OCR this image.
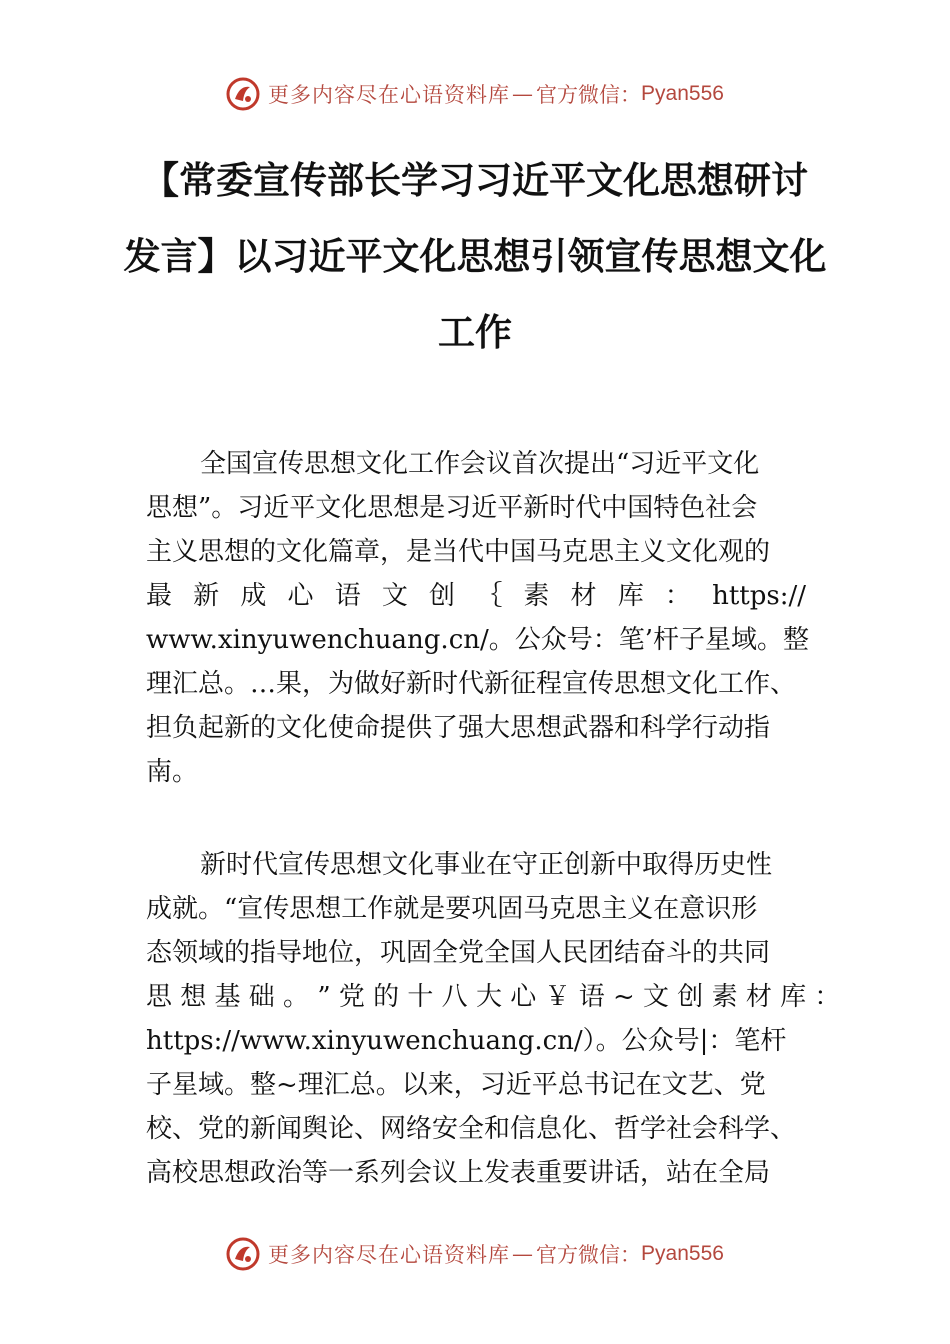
更多内容尽在心语资料库 — 官方微信： Pyan556
【常委宣传部长学习习近平文化思想研讨
发言】以习近平文化思想引领宣传思想文化
工作
全国宣传思想文化工作会议首次提出“习近平文化
思想”。习近平文化思想是习近平新时代中国特色社会
主义思想的文化篇章，是当代中国马克思主义文化观的
最 新 成 心 语 文 创 ｛ 素 材 库 ： https://
www.xinyuwenchuang.cn/。公众号：笔’杆子星域。整
理汇总。…果，为做好新时代新征程宣传思想文化工作、
担负起新的文化使命提供了强大思想武器和科学行动指
南。
新时代宣传思想文化事业在守正创新中取得历史性
成就。“宣传思想工作就是要巩固马克思主义在意识形
态领域的指导地位，巩固全党全国人民团结奋斗的共同
思 想 基 础 。 ” 党 的 十 八 大 心 ￥ 语 ~ 文 创 素 材 库 ：
https://www.xinyuwenchuang.cn/）。公众号|：笔杆
子星域。整~理汇总。以来，习近平总书记在文艺、党
校、党的新闻舆论、网络安全和信息化、哲学社会科学、
高校思想政治等一系列会议上发表重要讲话，站在全局
更多内容尽在心语资料库 — 官方微信： Pyan556
